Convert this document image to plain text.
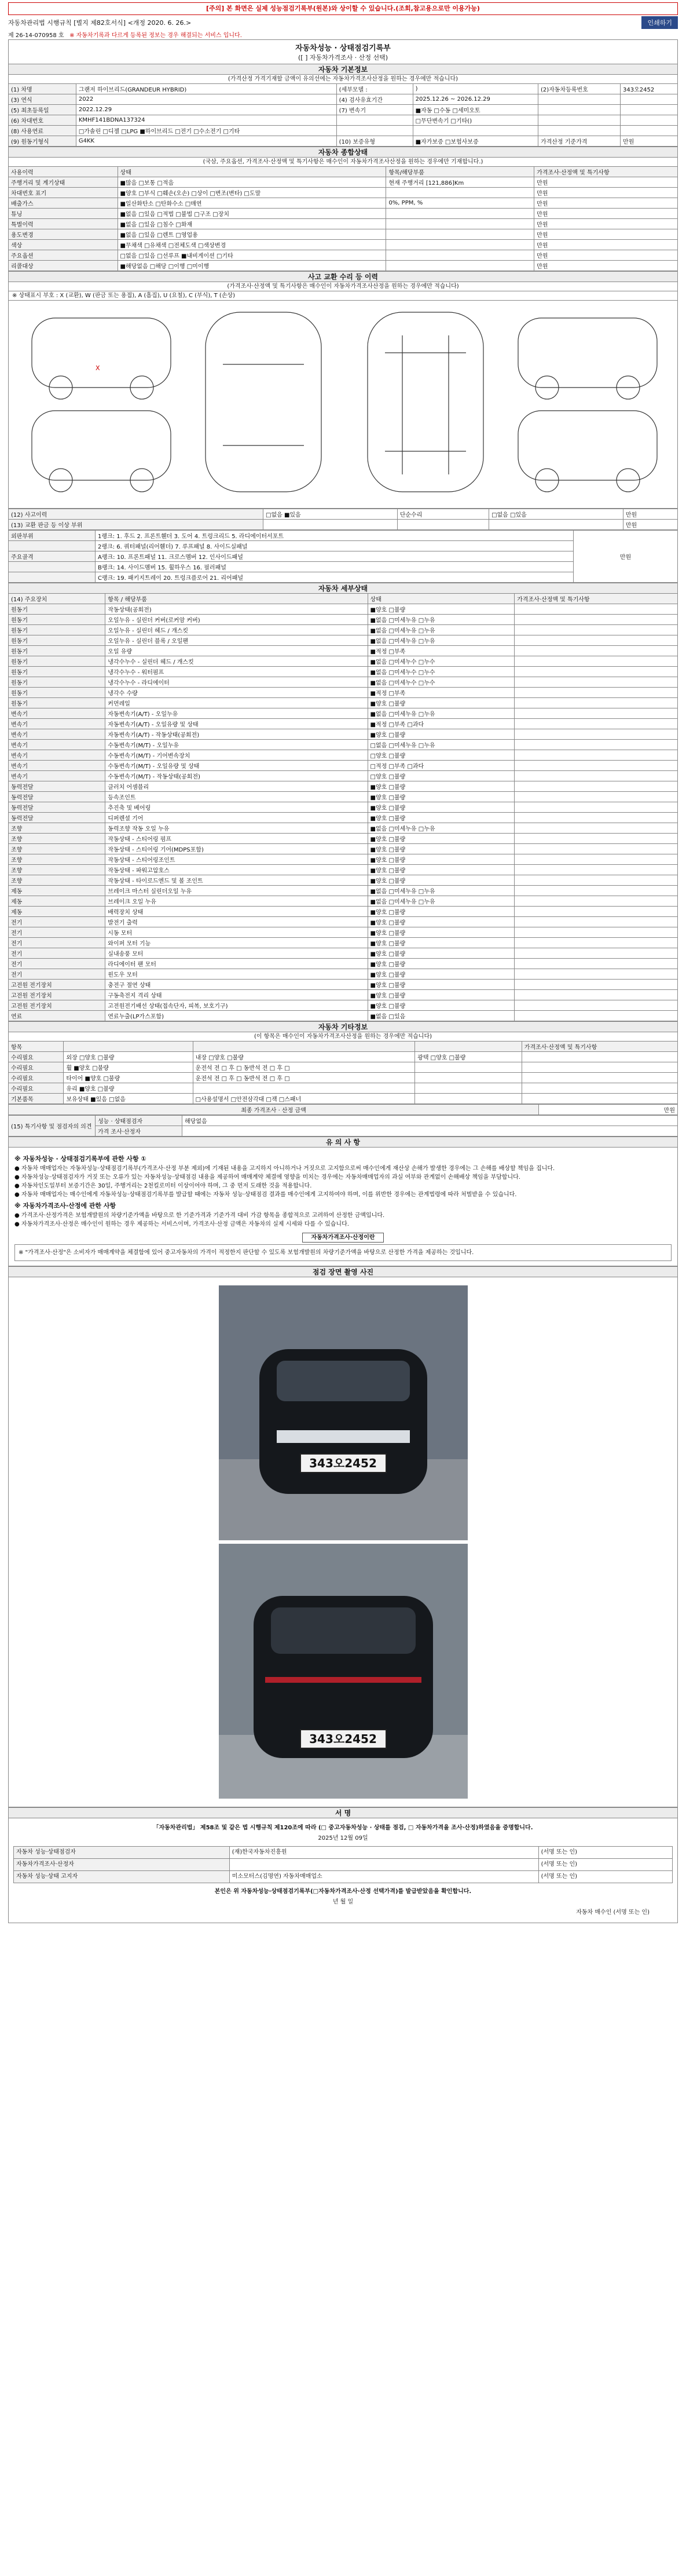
[주의] 본 화면은 실제 성능점검기록부(원본)와 상이할 수 있습니다.(조회,참고용으로만 이용가능)
자동차관리법 시행규칙 [별지 제82호서식] <개정 2020. 6. 26.>	인쇄하기
제 26-14-070958 호 ※ 자동차기록과 다르게 등록된 정보는 경우 해결되는 서비스 입니다.
자동차성능 · 상태점검기록부
([ ] 자동차가격조사 · 산정 선택)
자동차 기본정보
(가격산정 가격기재할 금액이 유의선에는 자동차가격조사산정을 원하는 경우에만 적습니다)
(1) 차명	그랜저 하이브리드(GRANDEUR HYBRID)	(세부모델 :	)	(2)자동차등록번호	343오2452
(3) 연식	2022	(4) 검사유효기간	2025.12.26 ~ 2026.12.29		
(5) 최초등록일	2022.12.29	(7) 변속기	■자동 □수동 □세미오토		
(6) 차대번호	KMHF141BDNA137324		□무단변속기 □기타()		
(8) 사용연료	□가솔린 □디젤 □LPG ■하이브리드 □전기 □수소전기 □기타				
(9) 원동기형식	G4KK	(10) 보증유형	■자가보증 □보험사보증	가격산정 기준가격	만원
자동차 종합상태
(국삼, 주요옵션, 가격조사·산정액 및 특기사항은 매수인이 자동차가격조사산정을 원하는 경우에만 기재합니다.)
사용이력	상태	항목/해당부품	가격조사·산정액 및 특기사항
주행거리 및 계기상태	■많음 □보통 □적음	현재 주행거리 [121,886]Km	만원
차대번호 표기	■양호 □부식 □훼손(오손) □상이 □변조(변타) □도말		만원
배출가스	■일산화탄소 □탄화수소 □매연	0%, PPM, %	만원
튜닝	■없음 □있음 □적법 □불법 □구조 □장치		만원
특별이력	■없음 □있음 □침수 □화재		만원
용도변경	■없음 □있음 □렌트 □영업용		만원
색상	■무채색 □유채색 □전체도색 □색상변경		만원
주요옵션	□없음 □있음 □선루프 ■내비게이션 □기타		만원
리콜대상	■해당없음 □해당 □이행 □미이행		만원
사고 교환 수리 등 이력
(가격조사·산정액 및 특기사항은 매수인이 자동차가격조사산정을 원하는 경우에만 적습니다)
※ 상태표시 부호 : X (교환), W (판금 또는 용접), A (흠집), U (요철), C (부식), T (손상)
X
(12) 사고이력	□없음 ■있음	단순수리	□없음 □있음	만원
(13) 교환 판금 등 이상 부위				만원
외판부위	1랭크: 1. 후드 2. 프론트휀더 3. 도어 4. 트렁크리드 5. 라디에이터서포트	만원
	2랭크: 6. 쿼터패널(리어휀더) 7. 루프패널 8. 사이드실패널	
주요골격	A랭크: 10. 프론트패널 11. 크로스멤버 12. 인사이드패널	
	B랭크: 14. 사이드멤버 15. 휠하우스 16. 필러패널	
	C랭크: 19. 패키지트레이 20. 트렁크플로어 21. 리어패널	
자동차 세부상태
(14) 주요장치	항목 / 해당부품	상태	가격조사·산정액 및 특기사항
원동기	작동상태(공회전)	■양호 □불량	
원동기	오일누유 - 실린더 커버(로커암 커버)	■없음 □미세누유 □누유	
원동기	오일누유 - 실린더 헤드 / 개스킷	■없음 □미세누유 □누유	
원동기	오일누유 - 실린더 블록 / 오일팬	■없음 □미세누유 □누유	
원동기	오일 유량	■적정 □부족	
원동기	냉각수누수 - 실린더 헤드 / 개스킷	■없음 □미세누수 □누수	
원동기	냉각수누수 - 워터펌프	■없음 □미세누수 □누수	
원동기	냉각수누수 - 라디에이터	■없음 □미세누수 □누수	
원동기	냉각수 수량	■적정 □부족	
원동기	커먼레일	■양호 □불량	
변속기	자동변속기(A/T) - 오일누유	■없음 □미세누유 □누유	
변속기	자동변속기(A/T) - 오일유량 및 상태	■적정 □부족 □과다	
변속기	자동변속기(A/T) - 작동상태(공회전)	■양호 □불량	
변속기	수동변속기(M/T) - 오일누유	□없음 □미세누유 □누유	
변속기	수동변속기(M/T) - 기어변속장치	□양호 □불량	
변속기	수동변속기(M/T) - 오일유량 및 상태	□적정 □부족 □과다	
변속기	수동변속기(M/T) - 작동상태(공회전)	□양호 □불량	
동력전달	클러치 어셈블리	■양호 □불량	
동력전달	등속조인트	■양호 □불량	
동력전달	추진축 및 베어링	■양호 □불량	
동력전달	디퍼렌셜 기어	■양호 □불량	
조향	동력조향 작동 오일 누유	■없음 □미세누유 □누유	
조향	작동상태 - 스티어링 펌프	■양호 □불량	
조향	작동상태 - 스티어링 기어(MDPS포함)	■양호 □불량	
조향	작동상태 - 스티어링조인트	■양호 □불량	
조향	작동상태 - 파워고압호스	■양호 □불량	
조향	작동상태 - 타이로드엔드 및 볼 조인트	■양호 □불량	
제동	브레이크 마스터 실린더오일 누유	■없음 □미세누유 □누유	
제동	브레이크 오일 누유	■없음 □미세누유 □누유	
제동	배력장치 상태	■양호 □불량	
전기	발전기 출력	■양호 □불량	
전기	시동 모터	■양호 □불량	
전기	와이퍼 모터 기능	■양호 □불량	
전기	실내송풍 모터	■양호 □불량	
전기	라디에이터 팬 모터	■양호 □불량	
전기	윈도우 모터	■양호 □불량	
고전원 전기장치	충전구 절연 상태	■양호 □불량	
고전원 전기장치	구동축전지 격리 상태	■양호 □불량	
고전원 전기장치	고전원전기배선 상태(접속단자, 피복, 보호기구)	■양호 □불량	
연료	연료누출(LP가스포함)	■없음 □있음	
자동차 기타정보
(이 항목은 매수인이 자동차가격조사산정을 원하는 경우에만 적습니다)
항목				가격조사·산정액 및 특기사항
수리필요	외장 □양호 □불량	내장 □양호 □불량	광택 □양호 □불량	
수리필요	휠 ■양호 □불량	운전석 전 □ 후 □ 동반석 전 □ 후 □		
수리필요	타이어 ■양호 □불량	운전석 전 □ 후 □ 동반석 전 □ 후 □		
수리필요	유리 ■양호 □불량			
기본품목	보유상태 ■있음 □없음	□사용설명서 □안전삼각대 □잭 □스패너		
최종 가격조사 · 산정 금액	만원
(15) 특기사항 및 점검자의 의견	성능 · 상태점검자	해당없음
	가격 조사·산정자	
유 의 사 항
※ 자동차성능 · 상태점검기록부에 관한 사항 ①

● 자동차 매매업자는 자동차성능·상태점검기록부(가격조사·산정 부분 제외)에 기재된 내용을 고지하지 아니하거나 거짓으로 고지함으로써 매수인에게 재산상 손해가 발생한 경우에는 그 손해를 배상할 책임을 집니다.

● 자동차성능·상태점검자가 거짓 또는 오류가 있는 자동차성능·상태점검 내용을 제공하여 매매계약 체결에 영향을 미치는 경우에는 자동차매매업자의 과실 여부와 관계없이 손해배상 책임을 부담합니다.

● 자동차인도일부터 보증기간은 30일, 주행거리는 2천킬로미터 이상이어야 하며, 그 중 먼저 도래한 것을 적용합니다.

● 자동차 매매업자는 매수인에게 자동차성능·상태점검기록부를 발급할 때에는 자동차 성능·상태점검 결과를 매수인에게 고지하여야 하며, 이를 위반한 경우에는 관계법령에 따라 처벌받을 수 있습니다.

※ 자동차가격조사·산정에 관한 사항

● 가격조사·산정가격은 보험개발원의 차량기준가액을 바탕으로 한 기준가격과 기준가격 대비 가감 항목을 종합적으로 고려하여 산정한 금액입니다.

● 자동차가격조사·산정은 매수인이 원하는 경우 제공하는 서비스이며, 가격조사·산정 금액은 자동차의 실제 시세와 다를 수 있습니다.

자동차가격조사·산정이란

※ "가격조사·산정"은 소비자가 매매계약을 체결함에 있어 중고자동차의 가격이 적정한지 판단할 수 있도록 보험개발원의 차량기준가액을 바탕으로 산정한 가격을 제공하는 것입니다.

점검 장면 촬영 사진
343오2452
343오2452
서 명

「자동차관리법」 제58조 및 같은 법 시행규칙 제120조에 따라 (□ 중고자동차성능 · 상태를 점검, □ 자동차가격을 조사·산정)하였음을 증명합니다.

2025년 12월 09일

자동차 성능·상태점검자	(재)한국자동차진흥원	(서명 또는 인)
자동차가격조사·산정자		(서명 또는 인)
자동차 성능·상태 고지자	미소모터스(김명연) 자동차매매업소	(서명 또는 인)

본인은 위 자동차성능·상태점검기록부(□자동차가격조사·산정 선택가격)를 발급받았음을 확인합니다.

년 월 일

자동차 매수인 (서명 또는 인)
